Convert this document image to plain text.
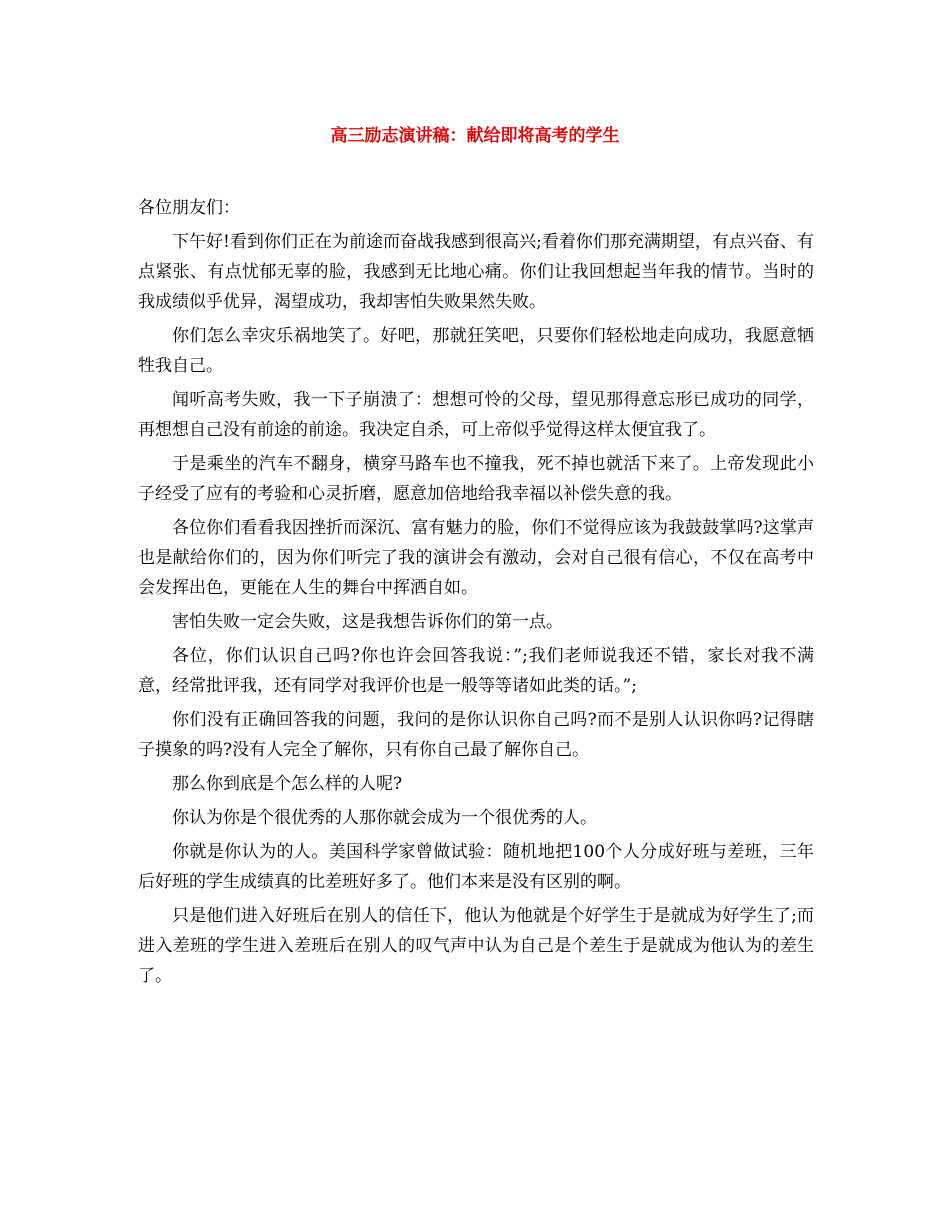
高三励志演讲稿：献给即将高考的学生

各位朋友们：

下午好!看到你们正在为前途而奋战我感到很高兴;看着你们那充满期望，有点兴奋、有点紧张、有点忧郁无辜的脸，我感到无比地心痛。你们让我回想起当年我的情节。当时的我成绩似乎优异，渴望成功，我却害怕失败果然失败。

你们怎么幸灾乐祸地笑了。好吧，那就狂笑吧，只要你们轻松地走向成功，我愿意牺牲我自己。

闻听高考失败，我一下子崩溃了：想想可怜的父母，望见那得意忘形已成功的同学，再想想自己没有前途的前途。我决定自杀，可上帝似乎觉得这样太便宜我了。

于是乘坐的汽车不翻身，横穿马路车也不撞我，死不掉也就活下来了。上帝发现此小子经受了应有的考验和心灵折磨，愿意加倍地给我幸福以补偿失意的我。

各位你们看看我因挫折而深沉、富有魅力的脸，你们不觉得应该为我鼓鼓掌吗?这掌声也是献给你们的，因为你们听完了我的演讲会有激动，会对自己很有信心，不仅在高考中会发挥出色，更能在人生的舞台中挥洒自如。

害怕失败一定会失败，这是我想告诉你们的第一点。

各位，你们认识自己吗?你也许会回答我说：”;我们老师说我还不错，家长对我不满意，经常批评我，还有同学对我评价也是一般等等诸如此类的话。”;

你们没有正确回答我的问题，我问的是你认识你自己吗?而不是别人认识你吗?记得瞎子摸象的吗?没有人完全了解你，只有你自己最了解你自己。

那么你到底是个怎么样的人呢?

你认为你是个很优秀的人那你就会成为一个很优秀的人。

你就是你认为的人。美国科学家曾做试验：随机地把100个人分成好班与差班，三年后好班的学生成绩真的比差班好多了。他们本来是没有区别的啊。

只是他们进入好班后在别人的信任下，他认为他就是个好学生于是就成为好学生了;而进入差班的学生进入差班后在别人的叹气声中认为自己是个差生于是就成为他认为的差生了。
